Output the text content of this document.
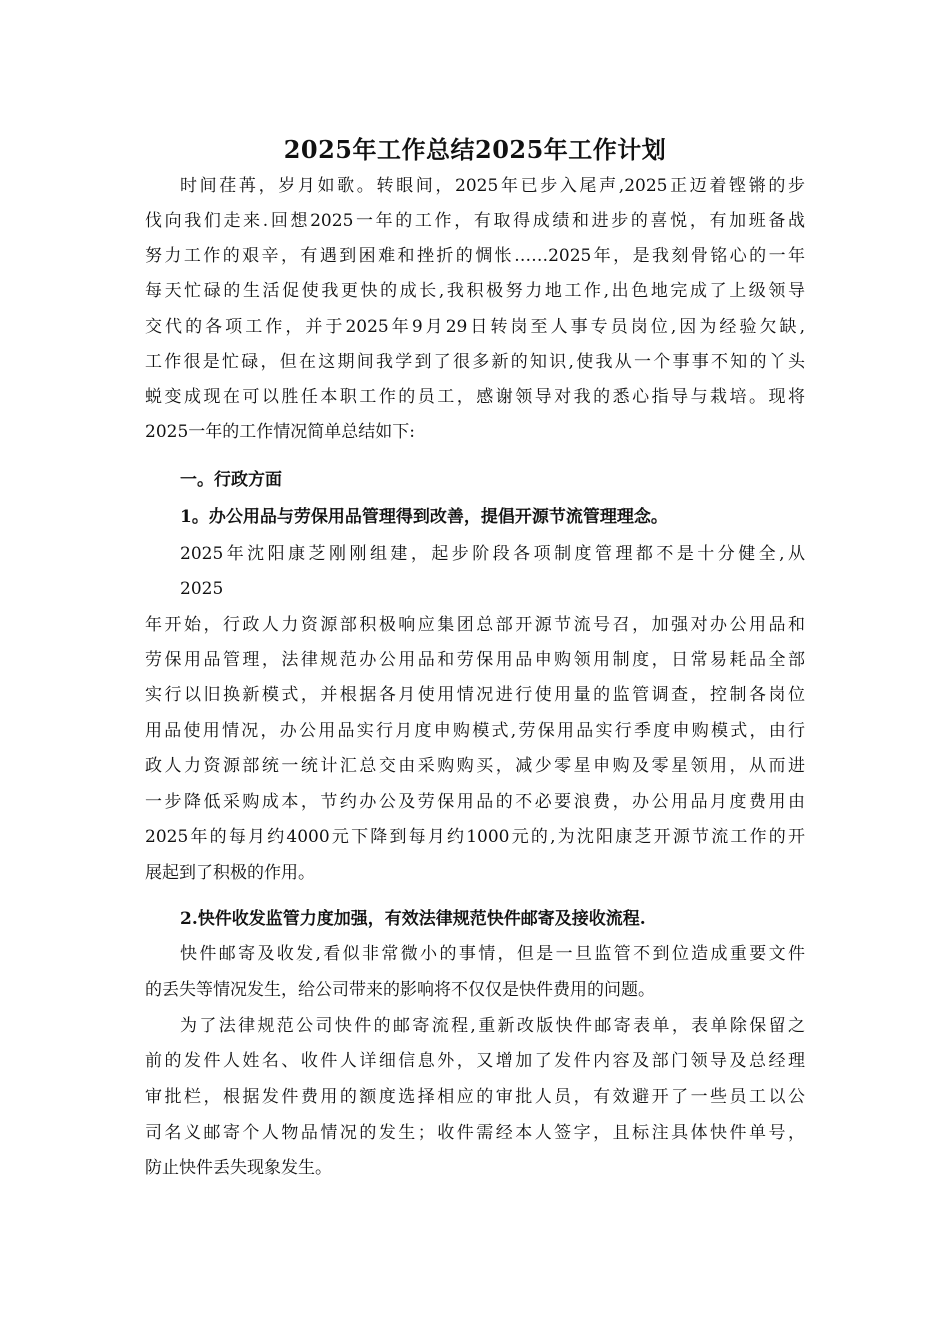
2025年工作总结2025年工作计划
时间荏苒，岁月如歌。转眼间，2025年已步入尾声,2025正迈着铿锵的步
伐向我们走来.回想2025一年的工作，有取得成绩和进步的喜悦，有加班备战
努力工作的艰辛，有遇到困难和挫折的惆怅……2025年，是我刻骨铭心的一年
每天忙碌的生活促使我更快的成长,我积极努力地工作,出色地完成了上级领导
交代的各项工作，并于2025年9月29日转岗至人事专员岗位,因为经验欠缺,
工作很是忙碌，但在这期间我学到了很多新的知识,使我从一个事事不知的丫头
蜕变成现在可以胜任本职工作的员工，感谢领导对我的悉心指导与栽培。现将
2025一年的工作情况简单总结如下:
一。行政方面
1。办公用品与劳保用品管理得到改善，提倡开源节流管理理念。
2025年沈阳康芝刚刚组建，起步阶段各项制度管理都不是十分健全,从
2025
年开始，行政人力资源部积极响应集团总部开源节流号召，加强对办公用品和
劳保用品管理，法律规范办公用品和劳保用品申购领用制度，日常易耗品全部
实行以旧换新模式，并根据各月使用情况进行使用量的监管调查，控制各岗位
用品使用情况，办公用品实行月度申购模式,劳保用品实行季度申购模式，由行
政人力资源部统一统计汇总交由采购购买，减少零星申购及零星领用，从而进
一步降低采购成本，节约办公及劳保用品的不必要浪费，办公用品月度费用由
2025年的每月约4000元下降到每月约1000元的,为沈阳康芝开源节流工作的开
展起到了积极的作用。
2.快件收发监管力度加强，有效法律规范快件邮寄及接收流程.
快件邮寄及收发,看似非常微小的事情，但是一旦监管不到位造成重要文件
的丢失等情况发生，给公司带来的影响将不仅仅是快件费用的问题。
为了法律规范公司快件的邮寄流程,重新改版快件邮寄表单，表单除保留之
前的发件人姓名、收件人详细信息外，又增加了发件内容及部门领导及总经理
审批栏，根据发件费用的额度选择相应的审批人员，有效避开了一些员工以公
司名义邮寄个人物品情况的发生；收件需经本人签字，且标注具体快件单号，
防止快件丢失现象发生。
